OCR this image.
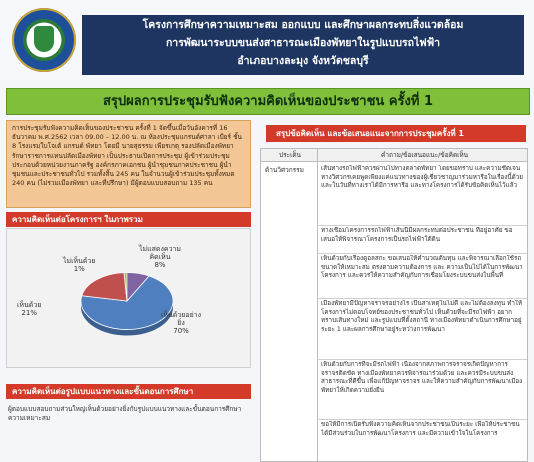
โครงการศึกษาความเหมาะสม ออกแบบ และศึกษาผลกระทบสิ่งแวดล้อม
การพัฒนาระบบขนส่งสาธารณะเมืองพัทยาในรูปแบบรถไฟฟ้า
อำเภอบางละมุง จังหวัดชลบุรี
สรุปผลการประชุมรับฟังความคิดเห็นของประชาชน ครั้งที่ 1
การประชุมรับฟังความคิดเห็นของประชาชน ครั้งที่ 1 จัดขึ้นเมื่อวันอังคารที่ 16 ธันวาคม พ.ศ.2562 เวลา 09.00 – 12.00 น. ณ ห้องประชุมแกรนด์ศาลา เบียร์ ชั้น 8 โรงแรมใบโจเต้ แกรนด์ พัทยา โดยมี นายสุธรรม เพียรเกตุ รองปลัดเมืองพัทยา รักษาราชการแทนปลัดเมืองพัทยา เป็นประธานเปิดการประชุม ผู้เข้าร่วมประชุมประกอบด้วยหน่วยงานภาครัฐ องค์กรภาคเอกชน ผู้นำชุมชนภาคประชาชน ผู้นำชุมชนและประชาชนทั่วไป รวมทั้งสิ้น 245 คน ในจำนวนผู้เข้าร่วมประชุมทั้งหมด 240 คน (ไม่รวมเมืองพัทยา และที่ปรึกษา) มีผู้ตอบแบบสอบถาม 135 คน
ความคิดเห็นต่อโครงการฯ ในภาพรวม
เห็นด้วยอย่าง
ยิ่ง
70%
เห็นด้วย
21%
ไม่เห็นด้วย
1%
ไม่แสดงความ
คิดเห็น
8%
ความคิดเห็นต่อรูปแบบแนวทางและขั้นตอนการศึกษา
ผู้ตอบแบบสอบถามส่วนใหญ่เห็นด้วยอย่างยิ่งกับรูปแบบแนวทางและขั้นตอนการศึกษาความเหมาะสม
สรุปข้อคิดเห็น และข้อเสนอแนะจากการประชุมครั้งที่ 1
ประเด็น	คำถาม/ข้อเสนอแนะ/ข้อคิดเห็น
ด้านวิศวกรรม	เส้นทางรถไฟฟ้าควรผ่านไปทางตลาดพัทยา โดยขอทราบ และความชัดเจน ทางวิศวกรเคยพูดเพียงแค่แนวทางของผู้เชี่ยวชาญมาร่วมหารือในเรื่องนี้ด้วย และในวันที่ทางเราได้มีการหารือ และทางโครงการได้รับข้อคิดเห็นไว้แล้ว
ทางเชื่อมโครงการรถไฟฟ้าเส้นนี้มีผลกระทบต่อประชาชน ที่อยู่อาศัย ขอเสนอให้พิจารณาโครงการเป็นรถไฟฟ้าใต้ดิน
เห็นด้วยกับเรื่องดูอลสกะ ขอเสนอให้คำนวณต้นทุน และพิจารณาเลือกใช้รถขนาดให้เหมาะสม ตรงตามความต้องการ และ ความเป็นไปได้ในการพัฒนาโครงการ และควรให้ความสำคัญกับการเชื่อมโยงระบบขนส่งในพื้นที่
เมืองพัทยามีปัญหาจราจรอย่างไร เป็นสาเหตุในไม่ดี และไม่ต้องลงทุน ทำให้โครงการไม่ตอบโจทย์ของประชาชนทั่วไป เห็นด้วยที่จะมีรถไฟฟ้า อยากทราบเส้นทางใหม่ และรูปแบบที่ตั้งสถานี ทางเมืองพัทยาดำเนินการศึกษาอยู่ระยะ 1 และผลการศึกษาอยู่ระหว่างการพัฒนา
เห็นด้วยกับการที่จะมีรถไฟฟ้า เนื่องจากสภาพการจราจรเกิดปัญหาการจราจรติดขัด ทางเมืองพัทยาควรพิจารณาร่วมด้วย และควรมีระบบขนส่งสาธารณะที่ดีขึ้น เพื่อแก้ปัญหาจราจร และให้ความสำคัญกับการพัฒนาเมืองพัทยาให้เกิดความยั่งยืน
ขอให้มีการเปิดรับฟังความคิดเห็นจากประชาชนเป็นระยะ เพื่อให้ประชาชนได้มีส่วนร่วมในการพัฒนาโครงการ และมีความเข้าใจในโครงการ
